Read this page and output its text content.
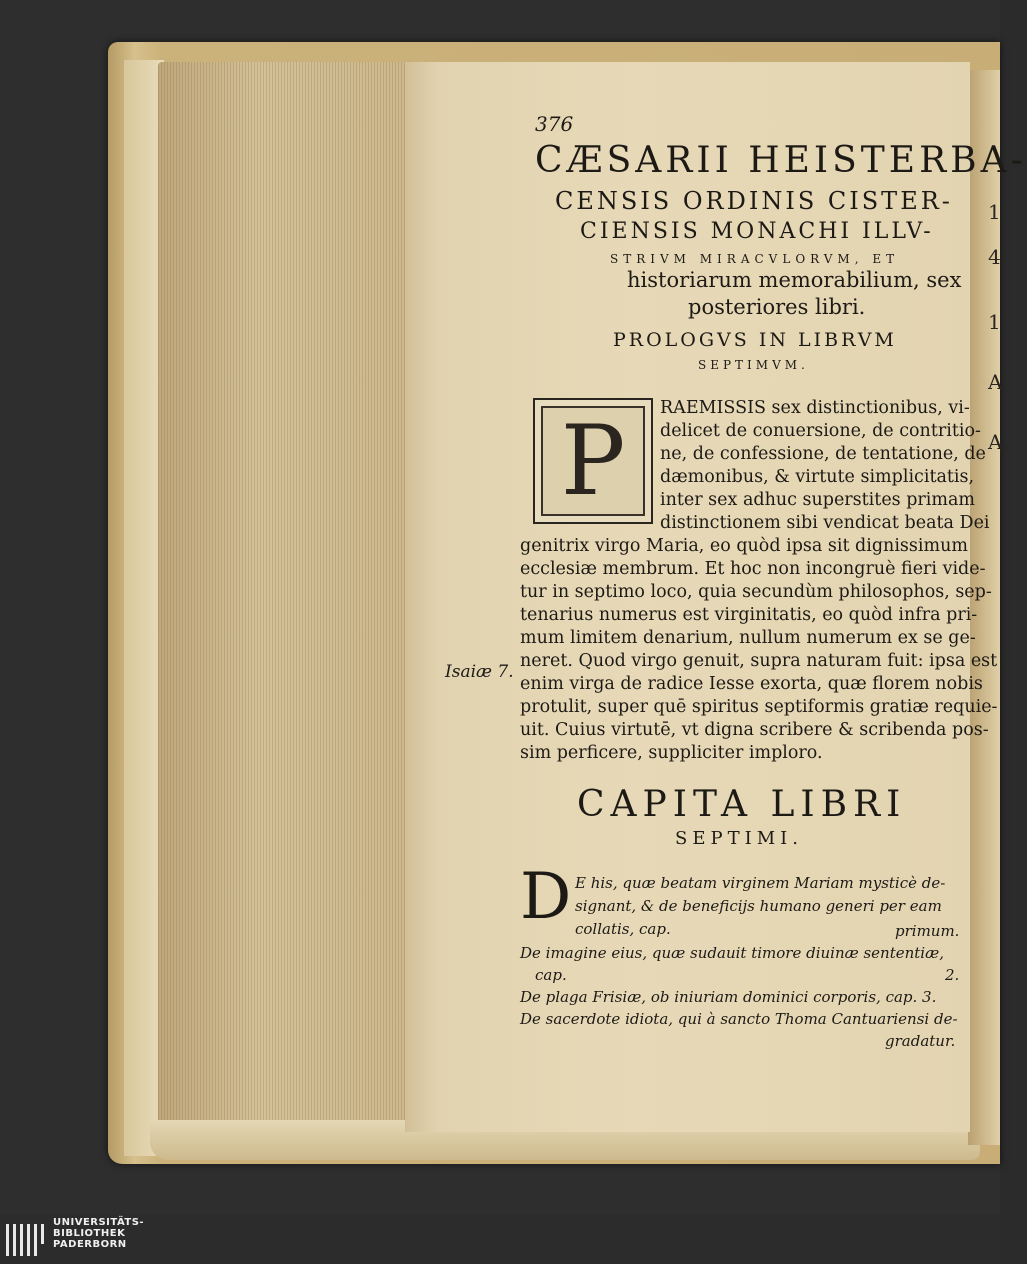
1
4
1
A
A
376
CÆSARII HEISTERBA-
CENSIS ORDINIS CISTER-
CIENSIS MONACHI ILLV-
STRIVM MIRACVLORVM, ET
historiarum memorabilium, sex
posteriores libri.
PROLOGVS IN LIBRVM
SEPTIMVM.
P	RAEMISSIS sex distinctionibus, vi-
delicet de conuersione, de contritio-
ne, de confessione, de tentatione, de
dæmonibus, & virtute simplicitatis,
inter sex adhuc superstites primam
distinctionem sibi vendicat beata Dei
genitrix virgo Maria, eo quòd ipsa sit dignissimum
ecclesiæ membrum. Et hoc non incongruè fieri vide-
tur in septimo loco, quia secundùm philosophos, sep-
tenarius numerus est virginitatis, eo quòd infra pri-
mum limitem denarium, nullum numerum ex se ge-
neret. Quod virgo genuit, supra naturam fuit: ipsa est
enim virga de radice Iesse exorta, quæ florem nobis
protulit, super quē spiritus septiformis gratiæ requie-
uit. Cuius virtutē, vt digna scribere & scribenda pos-
sim perficere, suppliciter imploro.
Isaiæ 7.
CAPITA LIBRI
SEPTIMI.
D E his, quæ beatam virginem Mariam mysticè de-
signant, & de beneficijs humano generi per eam
collatis, cap.	primum.
De imagine eius, quæ sudauit timore diuinæ sententiæ,
cap.	2.
De plaga Frisiæ, ob iniuriam dominici corporis, cap. 3.
De sacerdote idiota, qui à sancto Thoma Cantuariensi de-
gradatur.
UNIVERSITÄTS-
BIBLIOTHEK
PADERBORN
